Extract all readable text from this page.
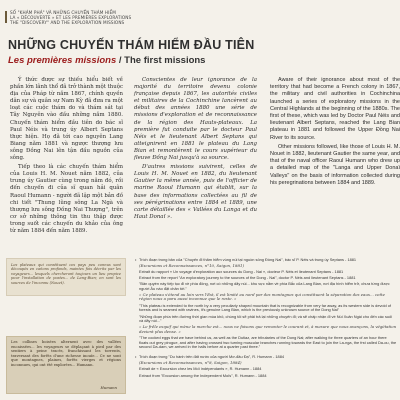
SỐ "KHÁM PHÁ" VÀ NHỮNG CHUYẾN THÁM HIỂM
LA « DÉCOUVERTE » ET LES PREMIÈRES EXPLORATIONS
THE "DISCOVERY" AND THE EXPLORATION MISSIONS
NHỮNG CHUYẾN THÁM HIỂM ĐẦU TIÊN
Les premières missions / The first missions

Ý thức được sự thiếu hiểu biết về phần lớn lãnh thổ đã trở thành một thuộc địa của Pháp từ năm 1867, chính quyền dân sự và quân sự Nam Kỳ đã đưa ra một loạt các cuộc thám do và thám sát tại Tây Nguyên vào đầu những năm 1880. Chuyến thám hiểm đầu tiên do bác sĩ Paul Néis và trung úy Albert Septans thực hiện. Họ đã tới cao nguyên Lang Biang năm 1881 và ngược thượng lưu sông Đồng Nai lên tận đầu nguồn của sông.

Tiếp theo là các chuyến thám hiểm của Louis H. M. Nouet năm 1882, của trung úy Gautier cùng trong năm đó, rồi đến chuyến đi của sĩ quan hải quân Raoul Humann - người đã lập một bản đồ chi tiết "Thung lũng sông La Ngà và thượng lưu sông Đồng Nai Thượng", trên cơ sở những thông tin thu thập được trong suốt các chuyến du khảo của ông từ năm 1884 đến năm 1889.

Conscientes de leur ignorance de la majorité du territoire devenu colonie française depuis 1867, les autorités civiles et militaires de la Cochinchine lancèrent au début des années 1880 une série de missions d'exploration et de reconnaissance de la région des Hauts-plateaux. La première fut conduite par le docteur Paul Néis et le lieutenant Albert Septans qui atteignirent en 1881 le plateau du Lang Bian et remontèrent le cours supérieur du fleuve Đồng Nai jusqu'à sa source.

D'autres missions suivirent, celles de Louis H. M. Nouet en 1882, du lieutenant Gautier la même année, puis de l'officier de marine Raoul Humann qui établit, sur la base des informations collectées au fil de ses pérégrinations entre 1884 et 1889, une carte détaillée des « Vallées du Langa et du Haut Donaï ».

Aware of their ignorance about most of the territory that had become a French colony in 1867, the military and civil authorities in Cochinchina launched a series of exploratory missions in the Central Highlands at the beginning of the 1880s. The first of these, which was led by Doctor Paul Néis and lieutenant Albert Septans, reached the Lang Bian plateau in 1881 and followed the Upper Đồng Nai River to its source.

Other missions followed, like those of Louis H. M. Nouet in 1882, lieutenant Gautier the same year, and that of the naval officer Raoul Humann who drew up a detailed map of the "Langa and Upper Donaï Valleys" on the basis of information collected during his peregrinations between 1884 and 1889.

Les plateaux qui constituent ces pays peu connus sont découpés en cañons profonds, maintes fois décrits par les voyageurs... lesquels chercheront toujours un lieu propice pour l'installation de postes... de Lang-Bian; en sont les sources de l'inconnu (Nouet).
Les collines boisées alternent avec des vallées encaissées... les voyageurs se déplaçant à pied par des sentiers à peine tracés, franchissant les torrents, traversant des forêts d'une richesse inouïe... Ce ne sont que montagnes, plaines, forêts vierges et régions inconnues, qui ont été explorées... Humann.
Humann
• Trích đoạn trong bản của "Chuyến đi thăm hiểm vùng núi tại nguồn sông Đồng Nai", bác sĩ P. Néis và trung úy Septans - 1881
(Excursions et Reconnaissances, n°10, Saigon, 1881)
Extrait du rapport « Un voyage d'exploration aux sources du Dong - Nai », docteur P. Néis et lieutenant Septans - 1881
Extract from the report "An exploratory journey to the sources of the Dong - Nai", doctor P. Néis and lieutenant Septans - 1881
"Bản quyền này tiếp tục đi về phía đông, nơi có những dãy núi... khu vực nằm về phía Bắc của Lang Bian, nơi địa hình hiểm trở, chưa từng được người Âu nào đặt chân tới."
« Ce plateau s'étend au loin vers l'Est, il est limité au nord par des montagnes qui constituent la séparation des eaux... cette région nous a paru aussi inconnue que le reste. »
"This plateau is extended to the north by a very peculiarly shaped mountain that is recognizable from very far away, as its western side is devoid of forests and is seamed with ravines, it's genuine Lang Bian, which is the previously unknown source of the Dong Nai"
"Những đoạn phía trên đường thời gian mùa khô, chúng tôi sẽ phải trả lại những chuyến đi; và sẽ chấp nhận đi về Núi Xuân Ngài cho đến các suối và dãy núi..."
« Le frêle esquif qui mène la marche est... nous ne faisons que remonter le courant et, à mesure que nous avançons, la végétation devient plus dense. »
"The cooked eggs that we have behind us, as well as the Dutiaz, are tributaries of the Dong Nai; after walking for three quarters of an hour there floats out grey pirogue, and after having crossed two turning muscular branches running towards the East to join the La-nga, the frst called Da-ou, the second Da-dam, we arrived in the halls before at a quarter past three."
• Trích đoạn trong "Du hành trên đất nước của người Mơ-đâu Đạ", R. Humann - 1884
(Excursions et Reconnaissances, n°8, Saigon, 1884)
Extrait de « Excursion chez les Moï indépendants », R. Humann - 1884
Extract from "Excursion among the Independent Moïs", R. Humann - 1884
